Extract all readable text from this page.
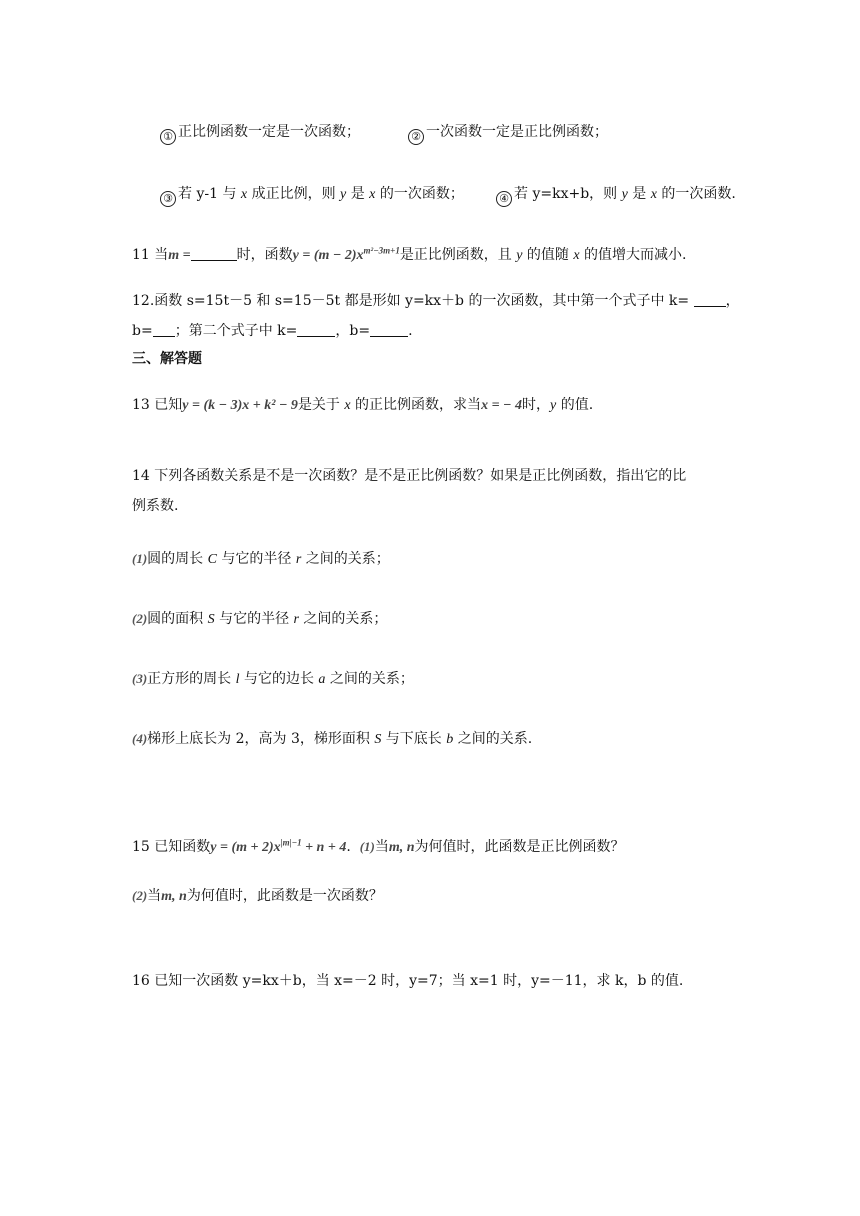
① 正比例函数一定是一次函数；	② 一次函数一定是正比例函数；
③ 若 y-1 与 x 成正比例，则 y 是 x 的一次函数；	④ 若 y=kx+b，则 y 是 x 的一次函数.
11 当m =	时，函数$y = (m - 2)x^{m^2-3m+1}$是正比例函数，且 y 的值随 x 的值增大而减小.
12.函数 s=15t－5 和 s=15－5t 都是形如 y=kx＋b 的一次函数，其中第一个式子中 k= ，
b= ；第二个式子中 k=	，b=	.
三、解答题
13 已知y = (k − 3)x + k² − 9是关于 x 的正比例函数，求当x = − 4时，y 的值.
14 下列各函数关系是不是一次函数？是不是正比例函数？如果是正比例函数，指出它的比
例系数.
(1)圆的周长 C 与它的半径 r 之间的关系；
(2)圆的面积 S 与它的半径 r 之间的关系；
(3)正方形的周长 l 与它的边长 a 之间的关系；
(4)梯形上底长为 2，高为 3，梯形面积 S 与下底长 b 之间的关系.
15 已知函数$y = (m + 2)x^{|m|-1} + n + 4$. (1)当m, n为何值时，此函数是正比例函数？
(2)当m, n为何值时，此函数是一次函数？
16 已知一次函数 y=kx＋b，当 x=－2 时，y=7；当 x=1 时，y=－11，求 k，b 的值.
